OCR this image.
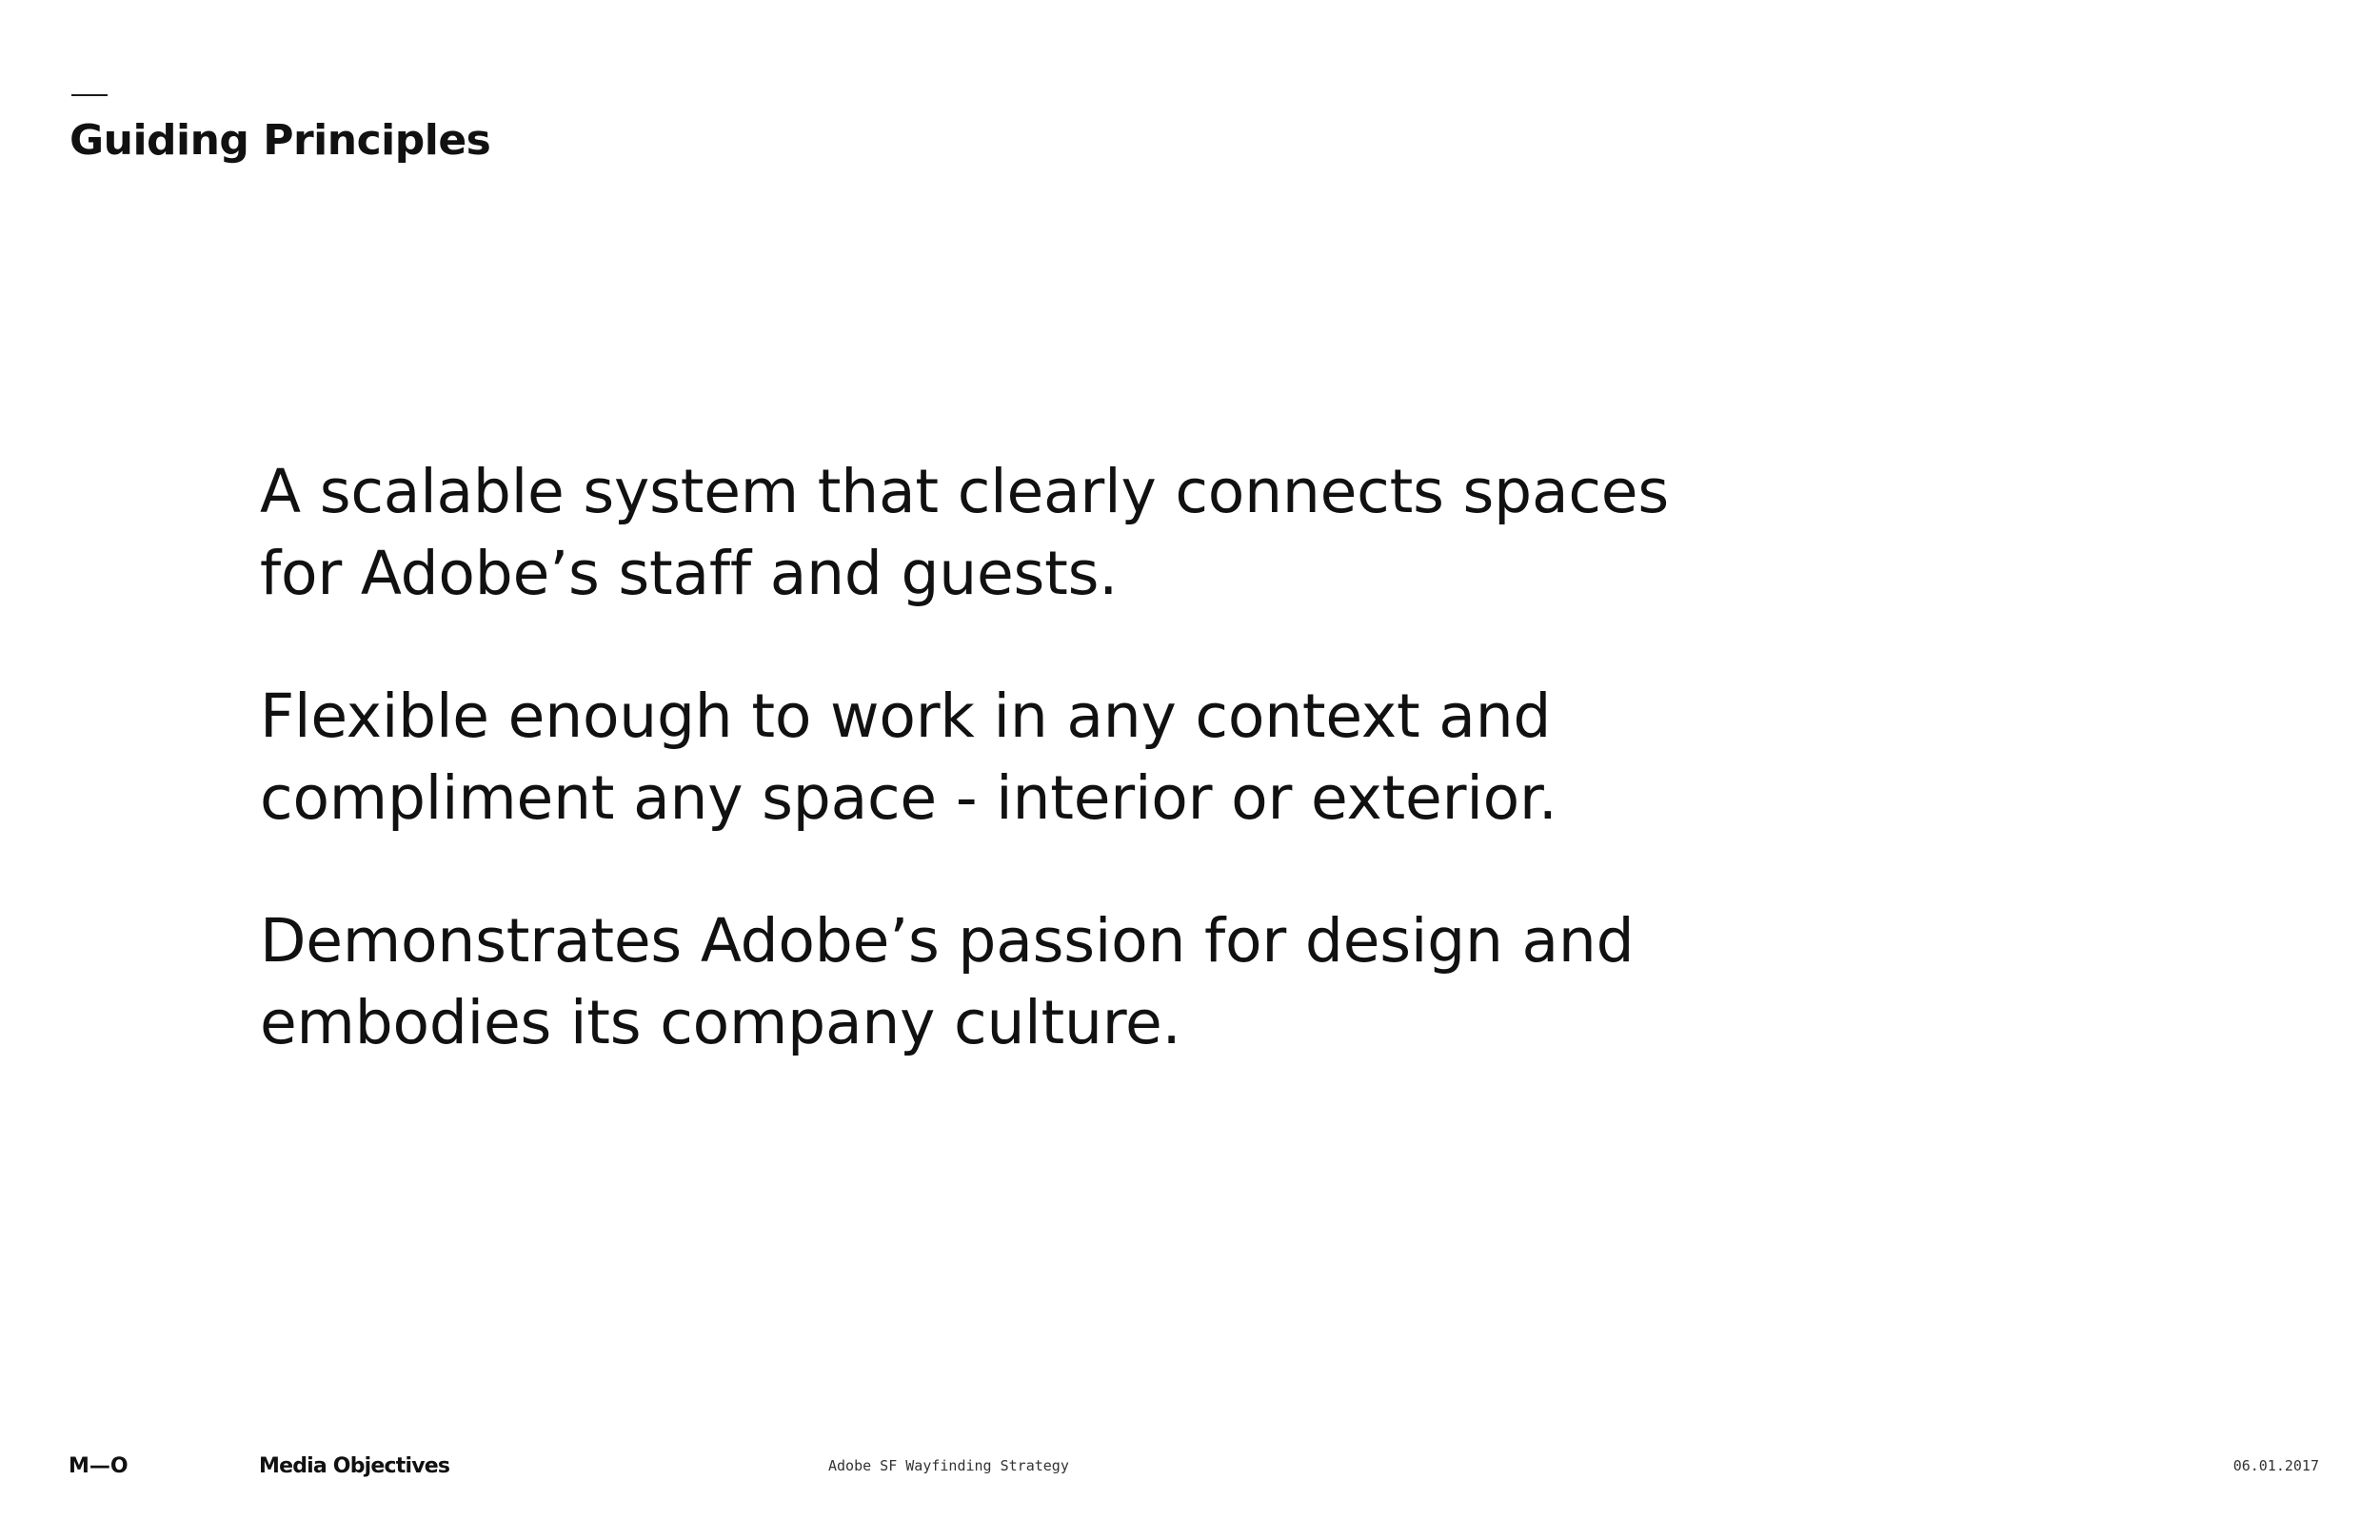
Guiding Principles

A scalable system that clearly connects spaces
for Adobe’s staff and guests.

Flexible enough to work in any context and
compliment any space - interior or exterior.

Demonstrates Adobe’s passion for design and
embodies its company culture.

M—O	Media Objectives	Adobe SF Wayfinding Strategy	06.01.2017
